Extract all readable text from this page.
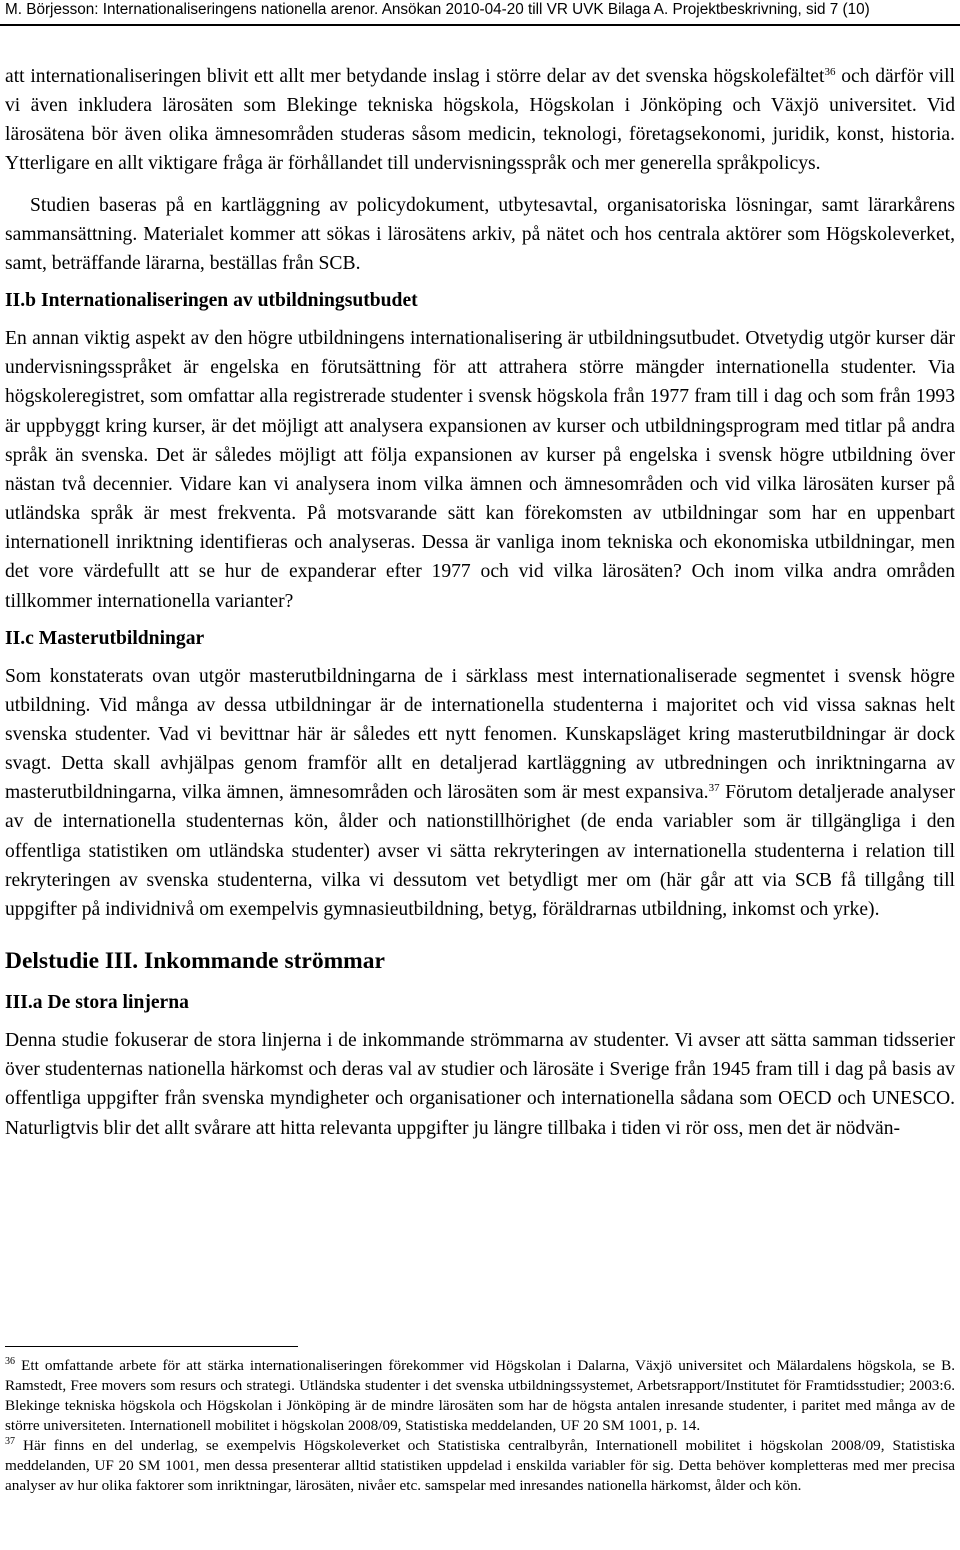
M. Börjesson: Internationaliseringens nationella arenor. Ansökan 2010-04-20 till VR UVK Bilaga A. Projektbeskrivning, sid 7 (10)

att internationaliseringen blivit ett allt mer betydande inslag i större delar av det svenska högskolefältet$^{36}$ och därför vill vi även inkludera lärosäten som Blekinge tekniska högskola, Högskolan i Jönköping och Växjö universitet. Vid lärosätena bör även olika ämnesområden studeras såsom medicin, teknologi, företagsekonomi, juridik, konst, historia. Ytterligare en allt viktigare fråga är förhållandet till undervisningsspråk och mer generella språkpolicys.

Studien baseras på en kartläggning av policydokument, utbytesavtal, organisatoriska lösningar, samt lärarkårens sammansättning. Materialet kommer att sökas i lärosätens arkiv, på nätet och hos centrala aktörer som Högskoleverket, samt, beträffande lärarna, beställas från SCB.

II.b Internationaliseringen av utbildningsutbudet

En annan viktig aspekt av den högre utbildningens internationalisering är utbildningsutbudet. Otvetydig utgör kurser där undervisningsspråket är engelska en förutsättning för att attrahera större mängder internationella studenter. Via högskoleregistret, som omfattar alla registrerade studenter i svensk högskola från 1977 fram till i dag och som från 1993 är uppbyggt kring kurser, är det möjligt att analysera expansionen av kurser och utbildningsprogram med titlar på andra språk än svenska. Det är således möjligt att följa expansionen av kurser på engelska i svensk högre utbildning över nästan två decennier. Vidare kan vi analysera inom vilka ämnen och ämnesområden och vid vilka lärosäten kurser på utländska språk är mest frekventa. På motsvarande sätt kan förekomsten av utbildningar som har en uppenbart internationell inriktning identifieras och analyseras. Dessa är vanliga inom tekniska och ekonomiska utbildningar, men det vore värdefullt att se hur de expanderar efter 1977 och vid vilka lärosäten? Och inom vilka andra områden tillkommer internationella varianter?

II.c Masterutbildningar

Som konstaterats ovan utgör masterutbildningarna de i särklass mest internationaliserade segmentet i svensk högre utbildning. Vid många av dessa utbildningar är de internationella studenterna i majoritet och vid vissa saknas helt svenska studenter. Vad vi bevittnar här är således ett nytt fenomen. Kunskapsläget kring masterutbildningar är dock svagt. Detta skall avhjälpas genom framför allt en detaljerad kartläggning av utbredningen och inriktningarna av masterutbildningarna, vilka ämnen, ämnesområden och lärosäten som är mest expansiva.$^{37}$ Förutom detaljerade analyser av de internationella studenternas kön, ålder och nationstillhörighet (de enda variabler som är tillgängliga i den offentliga statistiken om utländska studenter) avser vi sätta rekryteringen av internationella studenterna i relation till rekryteringen av svenska studenterna, vilka vi dessutom vet betydligt mer om (här går att via SCB få tillgång till uppgifter på individnivå om exempelvis gymnasieutbildning, betyg, föräldrarnas utbildning, inkomst och yrke).

Delstudie III. Inkommande strömmar
III.a De stora linjerna

Denna studie fokuserar de stora linjerna i de inkommande strömmarna av studenter. Vi avser att sätta samman tidsserier över studenternas nationella härkomst och deras val av studier och lärosäte i Sverige från 1945 fram till i dag på basis av offentliga uppgifter från svenska myndigheter och organisationer och internationella sådana som OECD och UNESCO. Naturligtvis blir det allt svårare att hitta relevanta uppgifter ju längre tillbaka i tiden vi rör oss, men det är nödvän-

$^{36}$ Ett omfattande arbete för att stärka internationaliseringen förekommer vid Högskolan i Dalarna, Växjö universitet och Mälardalens högskola, se B. Ramstedt, Free movers som resurs och strategi. Utländska studenter i det svenska utbildningssystemet, Arbetsrapport/Institutet för Framtidsstudier; 2003:6. Blekinge tekniska högskola och Högskolan i Jönköping är de mindre lärosäten som har de högsta antalen inresande studenter, i paritet med många av de större universiteten. Internationell mobilitet i högskolan 2008/09, Statistiska meddelanden, UF 20 SM 1001, p. 14.

$^{37}$ Här finns en del underlag, se exempelvis Högskoleverket och Statistiska centralbyrån, Internationell mobilitet i högskolan 2008/09, Statistiska meddelanden, UF 20 SM 1001, men dessa presenterar alltid statistiken uppdelad i enskilda variabler för sig. Detta behöver kompletteras med mer precisa analyser av hur olika faktorer som inriktningar, lärosäten, nivåer etc. samspelar med inresandes nationella härkomst, ålder och kön.
